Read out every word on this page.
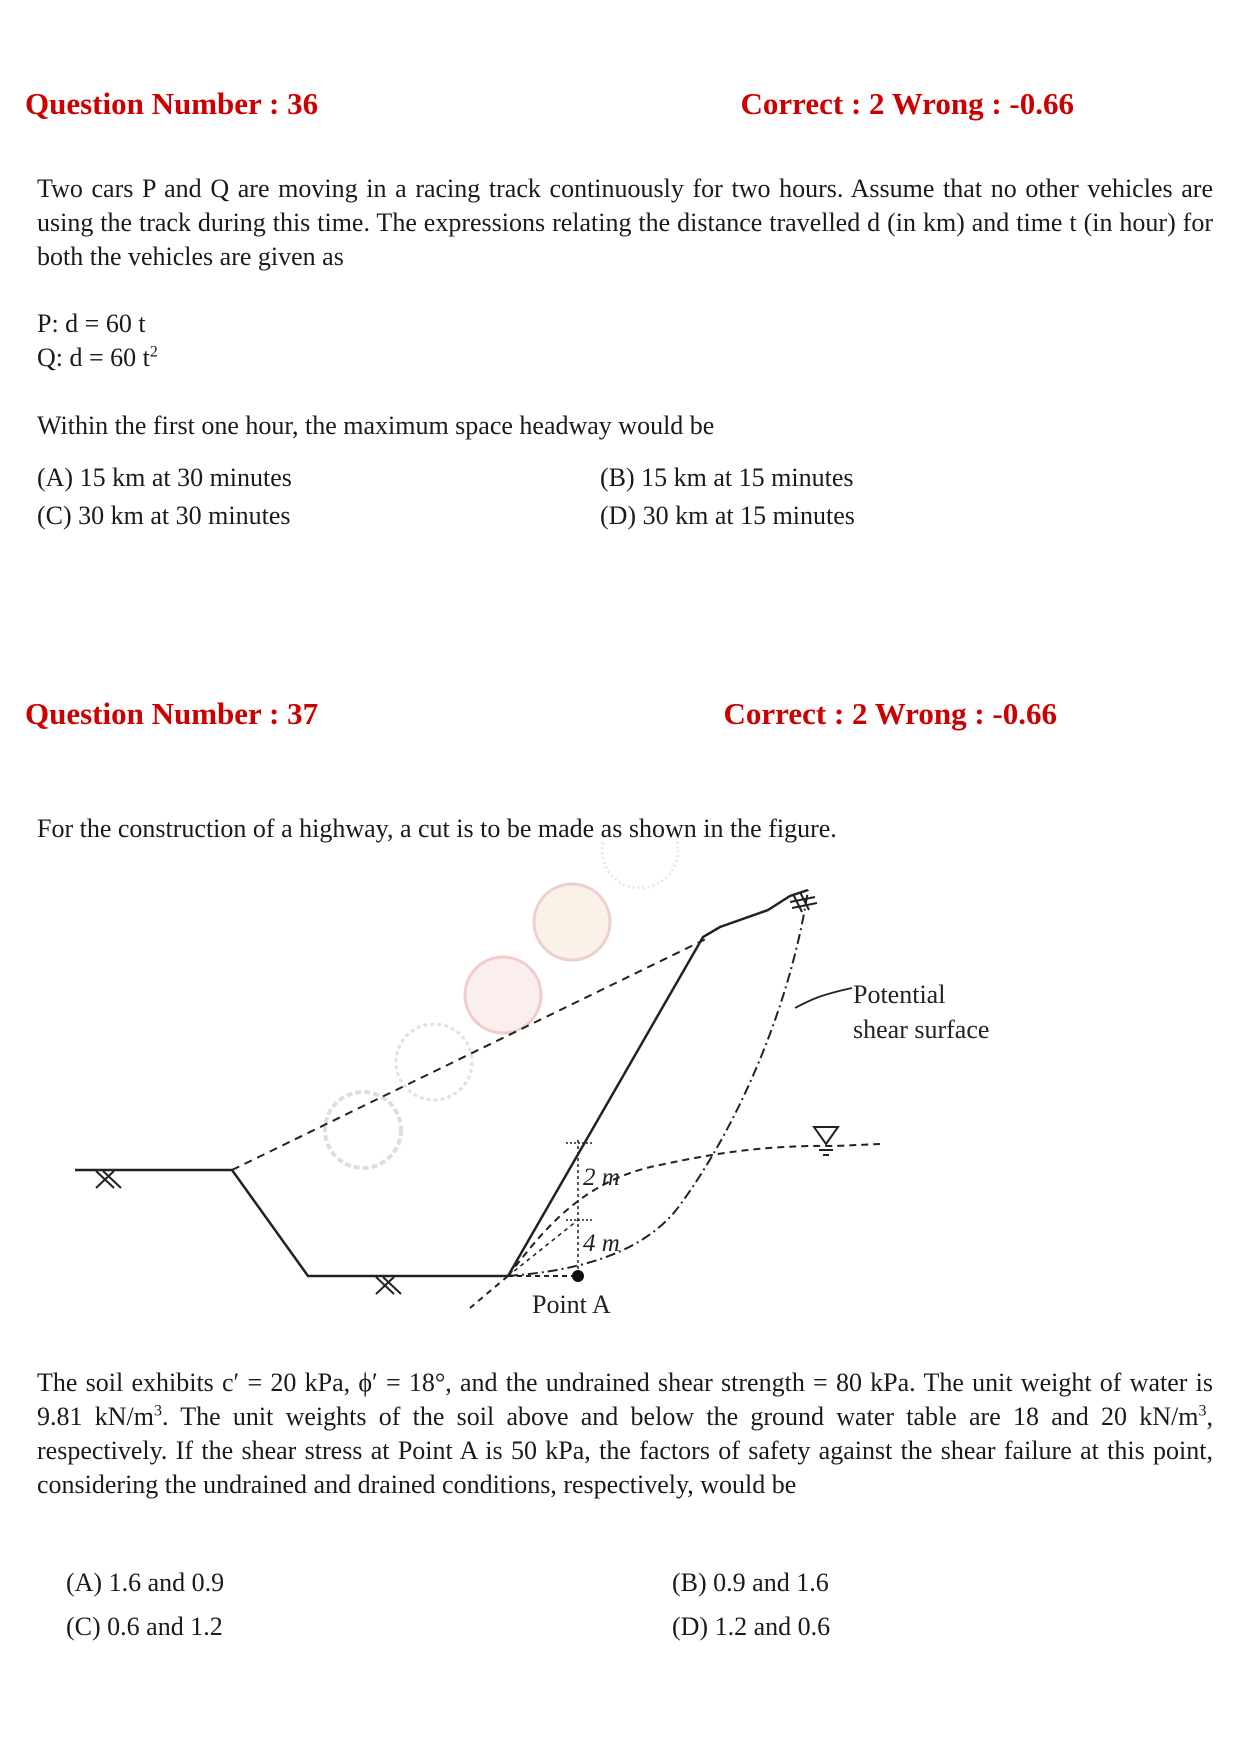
Question Number : 36	Correct : 2 Wrong : -0.66
Two cars P and Q are moving in a racing track continuously for two hours. Assume that no other vehicles are using the track during this time. The expressions relating the distance travelled d (in km) and time t (in hour) for both the vehicles are given as
P: d = 60 t
Q: d = 60 $t^2$
Within the first one hour, the maximum space headway would be
(A) 15 km at 30 minutes	(B) 15 km at 15 minutes
(C) 30 km at 30 minutes	(D) 30 km at 15 minutes
Question Number : 37	Correct : 2 Wrong : -0.66
For the construction of a highway, a cut is to be made as shown in the figure.
2 m
4 m
Point A
Potential
shear surface
The soil exhibits c′ = 20 kPa, ϕ′ = 18°, and the undrained shear strength = 80 kPa. The unit weight of water is 9.81 $kN/m^3$. The unit weights of the soil above and below the ground water table are 18 and 20 $kN/m^3$, respectively. If the shear stress at Point A is 50 kPa, the factors of safety against the shear failure at this point, considering the undrained and drained conditions, respectively, would be
(A) 1.6 and 0.9	(B) 0.9 and 1.6
(C) 0.6 and 1.2	(D) 1.2 and 0.6
